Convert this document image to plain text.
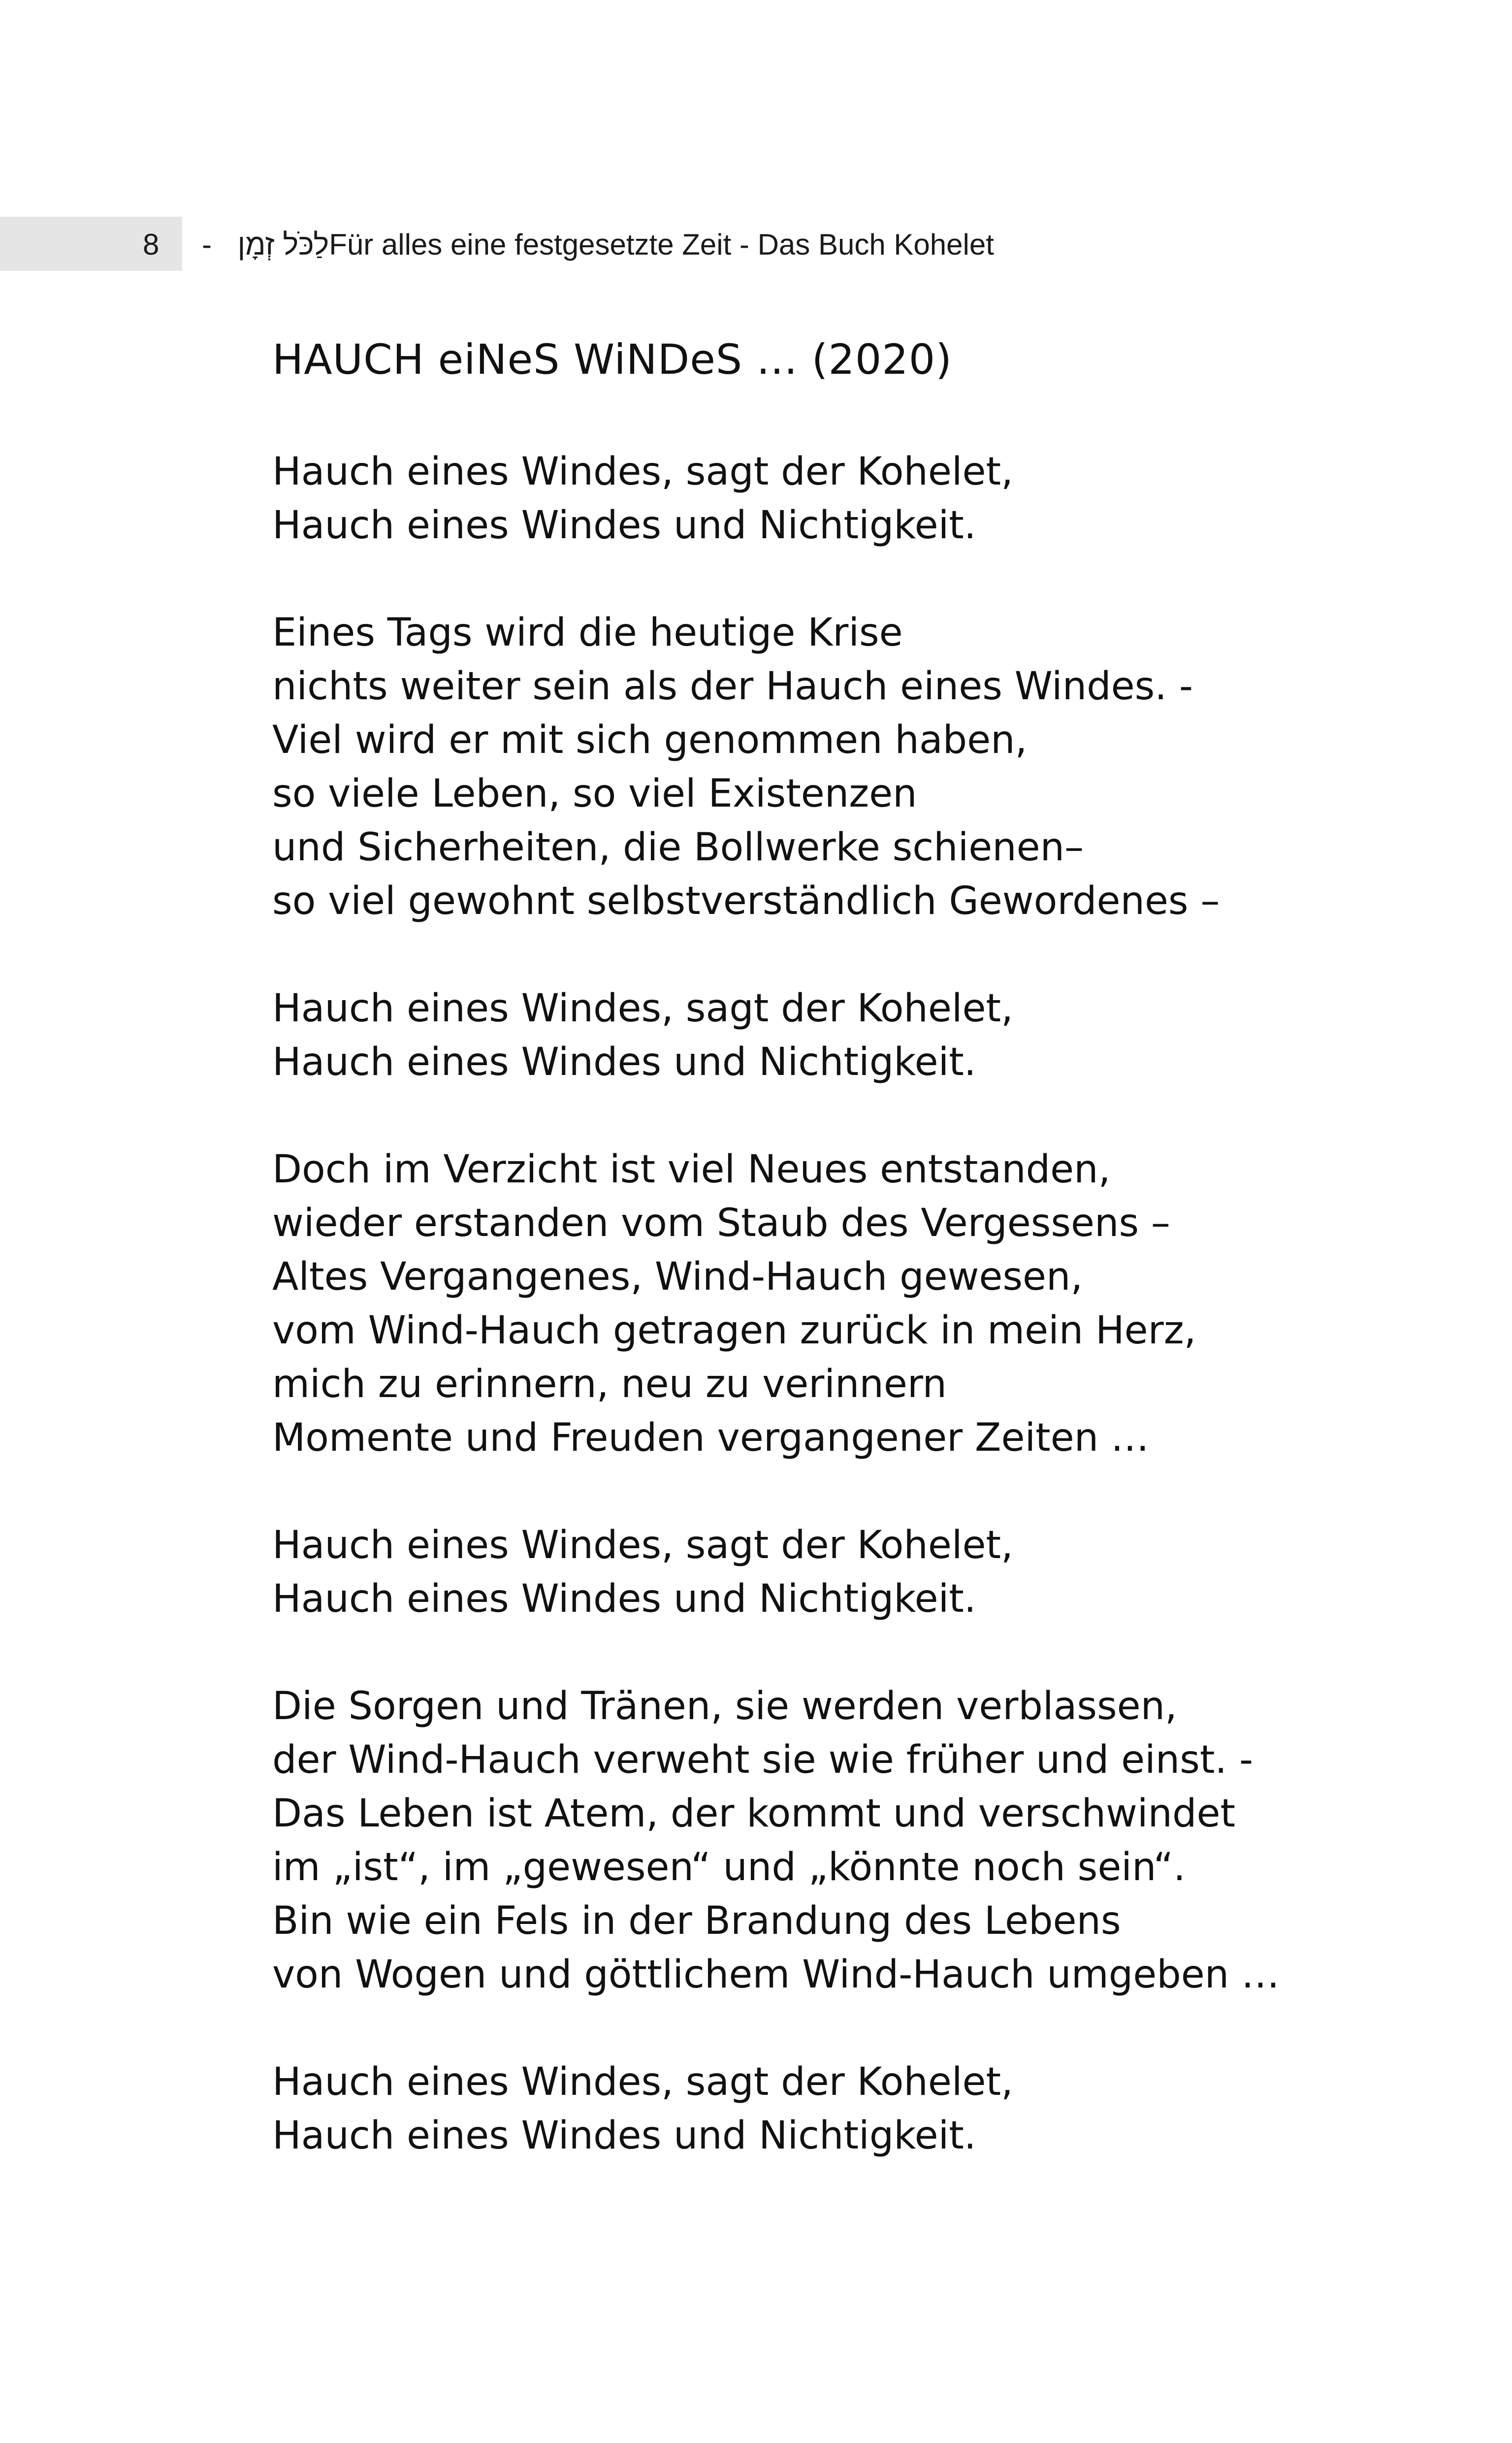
8 - לַכֹּל זְמָןFür alles eine festgesetzte Zeit - Das Buch Kohelet
HAUCH eiNeS WiNDeS … (2020)
Hauch eines Windes, sagt der Kohelet,
Hauch eines Windes und Nichtigkeit.
Eines Tags wird die heutige Krise
nichts weiter sein als der Hauch eines Windes. -
Viel wird er mit sich genommen haben,
so viele Leben, so viel Existenzen
und Sicherheiten, die Bollwerke schienen–
so viel gewohnt selbstverständlich Gewordenes –
Hauch eines Windes, sagt der Kohelet,
Hauch eines Windes und Nichtigkeit.
Doch im Verzicht ist viel Neues entstanden,
wieder erstanden vom Staub des Vergessens –
Altes Vergangenes, Wind-Hauch gewesen,
vom Wind-Hauch getragen zurück in mein Herz,
mich zu erinnern, neu zu verinnern
Momente und Freuden vergangener Zeiten …
Hauch eines Windes, sagt der Kohelet,
Hauch eines Windes und Nichtigkeit.
Die Sorgen und Tränen, sie werden verblassen,
der Wind-Hauch verweht sie wie früher und einst. -
Das Leben ist Atem, der kommt und verschwindet
im „ist“, im „gewesen“ und „könnte noch sein“.
Bin wie ein Fels in der Brandung des Lebens
von Wogen und göttlichem Wind-Hauch umgeben …
Hauch eines Windes, sagt der Kohelet,
Hauch eines Windes und Nichtigkeit.
